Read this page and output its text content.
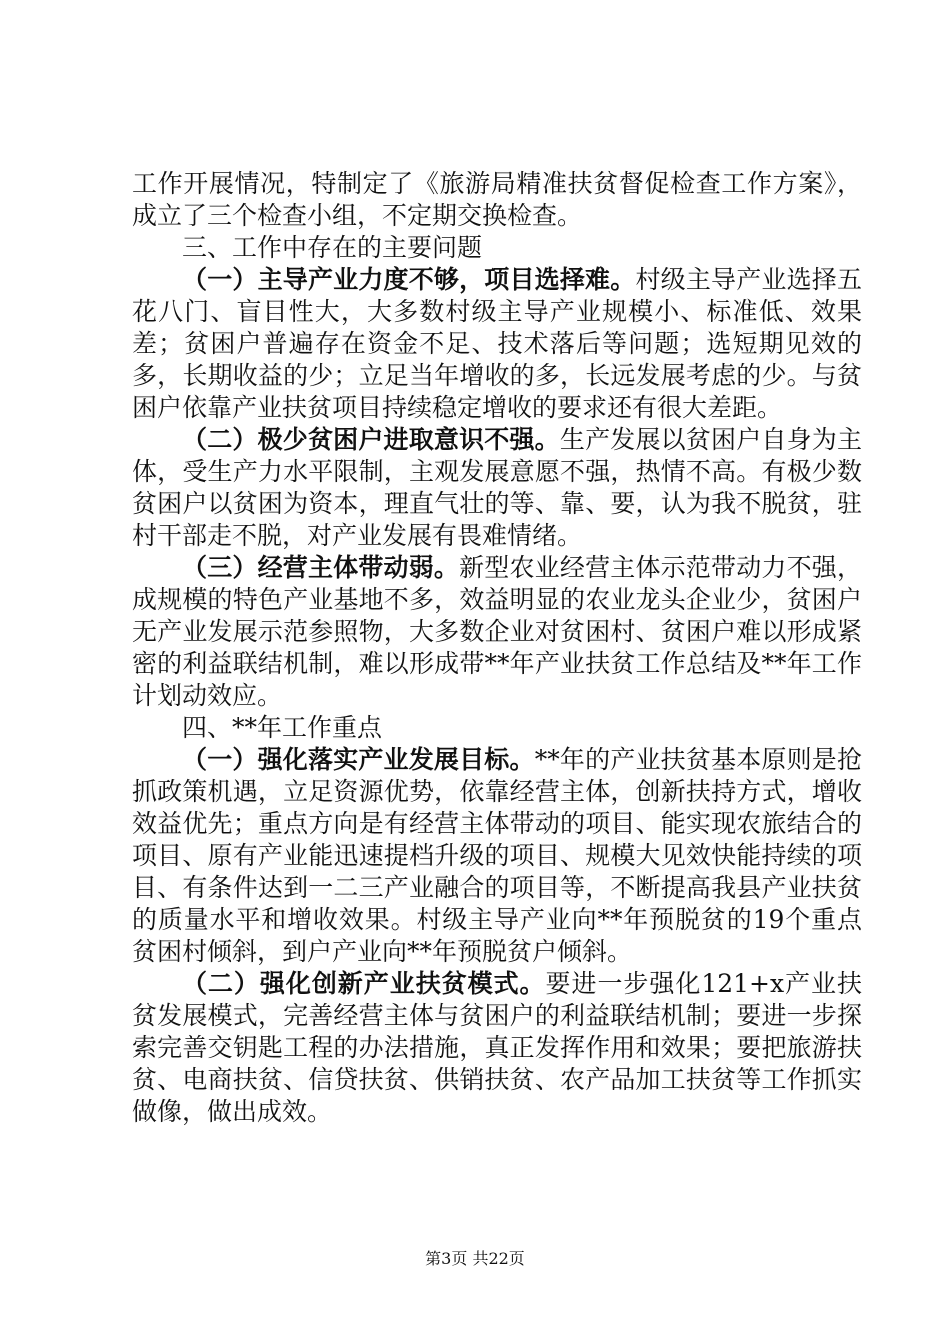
工作开展情况，特制定了《旅游局精准扶贫督促检查工作方案》，成立了三个检查小组，不定期交换检查。

三、工作中存在的主要问题

（一）主导产业力度不够，项目选择难。村级主导产业选择五花八门、盲目性大，大多数村级主导产业规模小、标准低、效果差；贫困户普遍存在资金不足、技术落后等问题；选短期见效的多，长期收益的少；立足当年增收的多，长远发展考虑的少。与贫困户依靠产业扶贫项目持续稳定增收的要求还有很大差距。

（二）极少贫困户进取意识不强。生产发展以贫困户自身为主体，受生产力水平限制，主观发展意愿不强，热情不高。有极少数贫困户以贫困为资本，理直气壮的等、靠、要，认为我不脱贫，驻村干部走不脱，对产业发展有畏难情绪。

（三）经营主体带动弱。新型农业经营主体示范带动力不强，成规模的特色产业基地不多，效益明显的农业龙头企业少，贫困户无产业发展示范参照物，大多数企业对贫困村、贫困户难以形成紧密的利益联结机制，难以形成带**年产业扶贫工作总结及**年工作计划动效应。

四、**年工作重点

（一）强化落实产业发展目标。**年的产业扶贫基本原则是抢抓政策机遇，立足资源优势，依靠经营主体，创新扶持方式，增收效益优先；重点方向是有经营主体带动的项目、能实现农旅结合的项目、原有产业能迅速提档升级的项目、规模大见效快能持续的项目、有条件达到一二三产业融合的项目等，不断提高我县产业扶贫的质量水平和增收效果。村级主导产业向**年预脱贫的19个重点贫困村倾斜，到户产业向**年预脱贫户倾斜。

（二）强化创新产业扶贫模式。要进一步强化121+x产业扶贫发展模式，完善经营主体与贫困户的利益联结机制；要进一步探索完善交钥匙工程的办法措施，真正发挥作用和效果；要把旅游扶贫、电商扶贫、信贷扶贫、供销扶贫、农产品加工扶贫等工作抓实做像，做出成效。

第3页 共22页
